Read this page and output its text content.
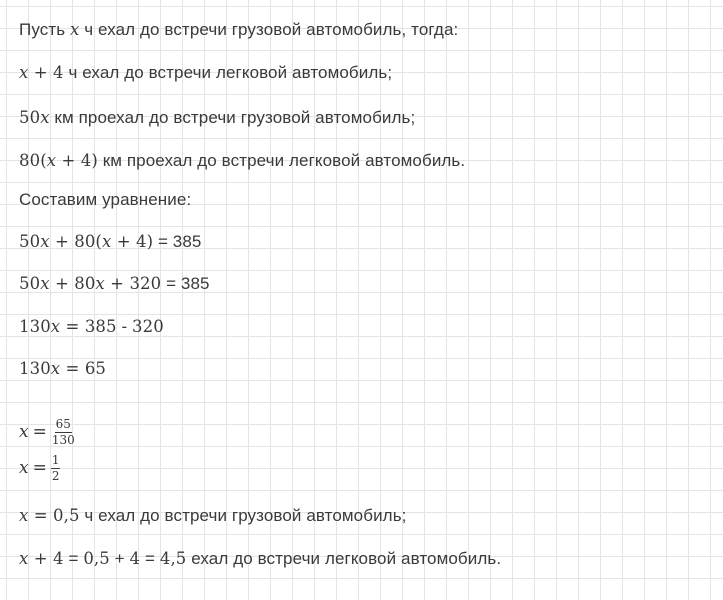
Пусть x ч ехал до встречи грузовой автомобиль, тогда:
x + 4 ч ехал до встречи легковой автомобиль;
50x км проехал до встречи грузовой автомобиль;
80(x + 4) км проехал до встречи легковой автомобиль.
Составим уравнение:
50x + 80(x + 4) = 385
50x + 80x + 320 = 385
130x = 385 - 320
130x = 65
$x = \frac{65}{130}$
$x = \frac{1}{2}$
x = 0,5 ч ехал до встречи грузовой автомобиль;
x + 4 = 0,5 + 4 = 4,5 ехал до встречи легковой автомобиль.
